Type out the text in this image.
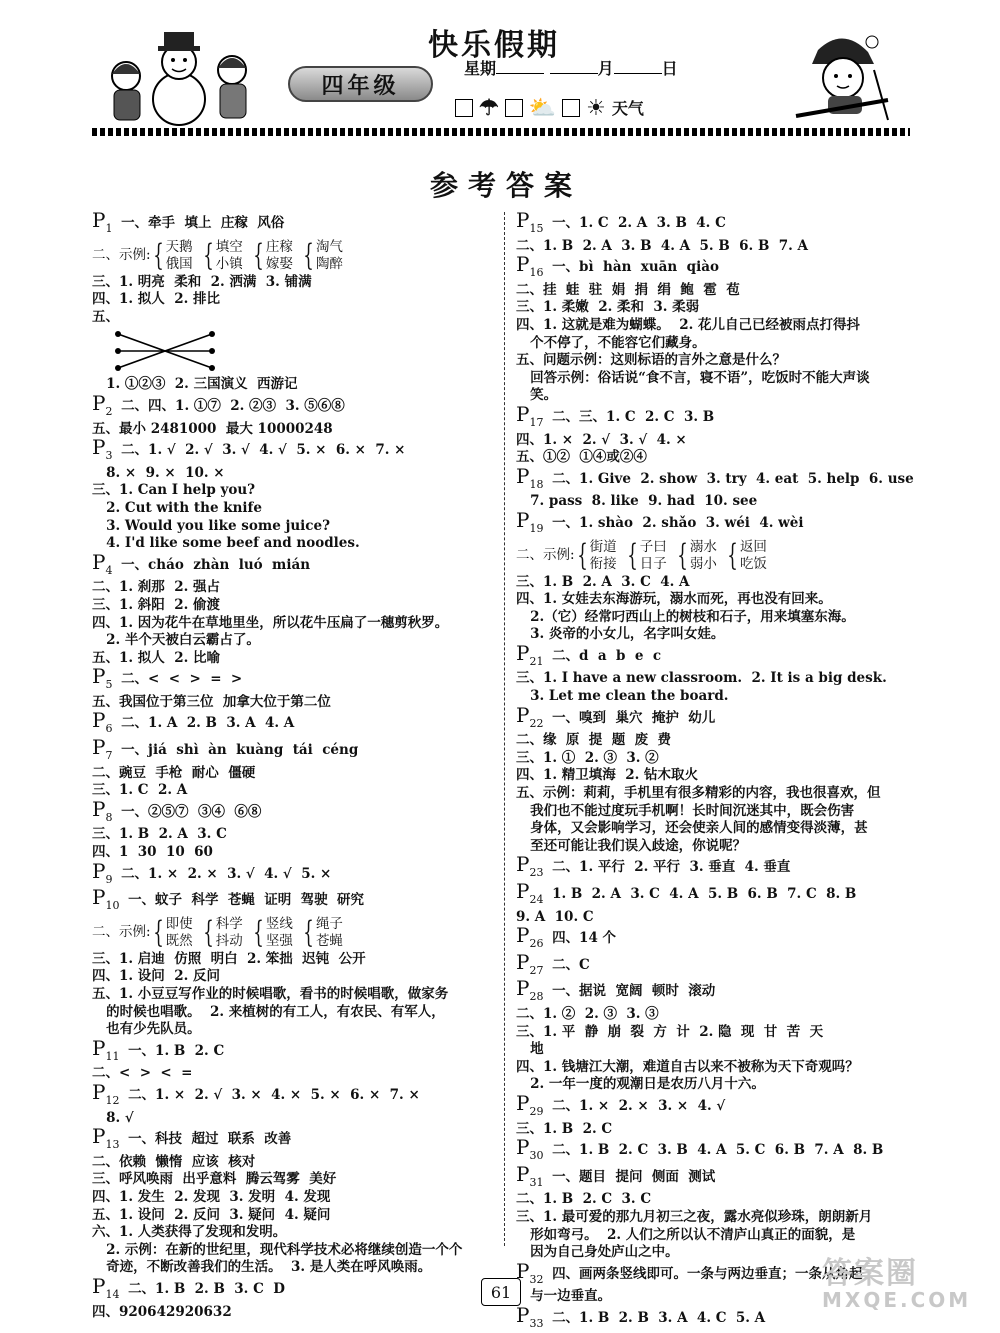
快乐假期
四年级
星期	月	日
☂ ⛅ ☀ 天气
参考答案
$P_1$ 一、牵手  填上  庄稼  风俗
二、示例: { 天鹅
俄国 { 填空
小镇 { 庄稼
嫁娶 { 淘气
陶醉
三、1. 明亮  柔和  2. 洒满  3. 铺满
四、1. 拟人  2. 排比
五、
1. ①②③  2. 三国演义  西游记
$P_2$ 二、四、1. ①⑦  2. ②③  3. ⑤⑥⑧
五、最小 2481000  最大 10000248
$P_3$ 二、1. √  2. √  3. √  4. √  5. ×  6. ×  7. ×
8. ×  9. ×  10. ×
三、1. Can I help you?
2. Cut with the knife
3. Would you like some juice?
4. I'd like some beef and noodles.
$P_4$ 一、cháo  zhàn  luó  mián
二、1. 刹那  2. 强占
三、1. 斜阳  2. 偷渡
四、1. 因为花牛在草地里坐，所以花牛压扁了一穗剪秋罗。
2. 半个天被白云霸占了。
五、1. 拟人  2. 比喻
$P_5$ 二、<  <  >  =  >
五、我国位于第三位  加拿大位于第二位
$P_6$ 二、1. A  2. B  3. A  4. A
$P_7$ 一、jiá  shì  àn  kuàng  tái  céng
二、豌豆  手枪  耐心  僵硬
三、1. C  2. A
$P_8$ 一、②⑤⑦  ③④  ⑥⑧
三、1. B  2. A  3. C
四、1  30  10  60
$P_9$ 二、1. ×  2. ×  3. √  4. √  5. ×
$P_{10}$ 一、蚊子  科学  苍蝇  证明  驾驶  研究
二、示例: { 即使
既然 { 科学
抖动 { 竖线
坚强 { 绳子
苍蝇
三、1. 启迪  仿照  明白  2. 笨拙  迟钝  公开
四、1. 设问  2. 反问
五、1. 小豆豆写作业的时候唱歌，看书的时候唱歌，做家务
的时候也唱歌。  2. 来植树的有工人，有农民、有军人，
也有少先队员。
$P_{11}$ 一、1. B  2. C
二、<  >  <  =
$P_{12}$ 二、1. ×  2. √  3. ×  4. ×  5. ×  6. ×  7. ×
8. √
$P_{13}$ 一、科技  超过  联系  改善
二、依赖  懒惰  应该  核对
三、呼风唤雨  出乎意料  腾云驾雾  美好
四、1. 发生  2. 发现  3. 发明  4. 发现
五、1. 设问  2. 反问  3. 疑问  4. 疑问
六、1. 人类获得了发现和发明。
2. 示例：在新的世纪里，现代科学技术必将继续创造一个个
奇迹，不断改善我们的生活。  3. 是人类在呼风唤雨。
$P_{14}$ 二、1. B  2. B  3. C  D
四、920642920632
$P_{15}$ 一、1. C  2. A  3. B  4. C
二、1. B  2. A  3. B  4. A  5. B  6. B  7. A
$P_{16}$ 一、bì  hàn  xuān  qiào
二、挂  蛙  驻  娟  捐  绢  鲍  雹  苞
三、1. 柔嫩  2. 柔和  3. 柔弱
四、1. 这就是难为蝴蝶。  2. 花儿自己已经被雨点打得抖
个不停了，不能容它们藏身。
五、问题示例：这则标语的言外之意是什么？
回答示例：俗话说“食不言，寝不语”，吃饭时不能大声谈
笑。
$P_{17}$ 二、三、1. C  2. C  3. B
四、1. ×  2. √  3. √  4. ×
五、①②  ①④或②④
$P_{18}$ 二、1. Give  2. show  3. try  4. eat  5. help  6. use
7. pass  8. like  9. had  10. see
$P_{19}$ 一、1. shào  2. shǎo  3. wéi  4. wèi
二、示例: { 街道
衔接 { 子曰
日子 { 溺水
弱小 { 返回
吃饭
三、1. B  2. A  3. C  4. A
四、1. 女娃去东海游玩，溺水而死，再也没有回来。
2.（它）经常叼西山上的树枝和石子，用来填塞东海。
3. 炎帝的小女儿，名字叫女娃。
$P_{21}$ 二、d  a  b  e  c
三、1. I have a new classroom.  2. It is a big desk.
3. Let me clean the board.
$P_{22}$ 一、嗅到  巢穴  掩护  幼儿
二、缘  原  提  题  废  费
三、1. ①  2. ③  3. ②
四、1. 精卫填海  2. 钻木取火
五、示例：莉莉，手机里有很多精彩的内容，我也很喜欢，但
我们也不能过度玩手机啊！长时间沉迷其中，既会伤害
身体，又会影响学习，还会使亲人间的感情变得淡薄，甚
至还可能让我们误入歧途，你说呢？
$P_{23}$ 二、1. 平行  2. 平行  3. 垂直  4. 垂直
$P_{24}$ 1. B  2. A  3. C  4. A  5. B  6. B  7. C  8. B
9. A  10. C
$P_{26}$ 四、14 个
$P_{27}$ 二、C
$P_{28}$ 一、据说  宽阔  顿时  滚动
二、1. ②  2. ③  3. ③
三、1. 平  静  崩  裂  方  计  2. 隐  现  甘  苦  天
地
四、1. 钱塘江大潮，难道自古以来不被称为天下奇观吗？
2. 一年一度的观潮日是农历八月十六。
$P_{29}$ 二、1. ×  2. ×  3. ×  4. √
三、1. B  2. C
$P_{30}$ 二、1. B  2. C  3. B  4. A  5. C  6. B  7. A  8. B
$P_{31}$ 一、题目  提问  侧面  测试
二、1. B  2. C  3. C
三、1. 最可爱的那九月初三之夜，露水亮似珍珠，朗朗新月
形如弯弓。  2. 人们之所以认不清庐山真正的面貌，是
因为自己身处庐山之中。
$P_{32}$ 四、画两条竖线即可。一条与两边垂直；一条从角起
与一边垂直。
$P_{33}$ 二、1. B  2. B  3. A  4. C  5. A
61
答案圈
MXQE.COM
